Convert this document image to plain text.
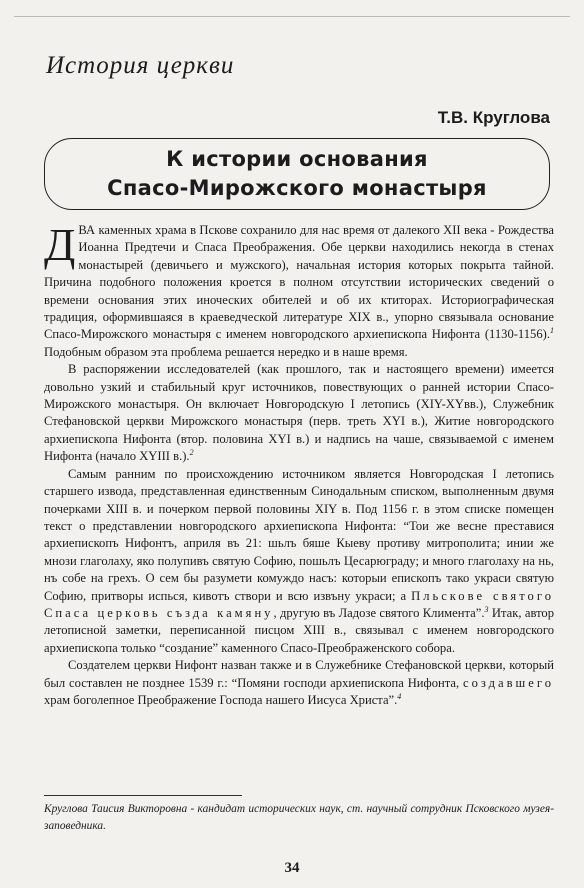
История церкви
Т.В. Круглова
К истории основания
Спасо-Мирожского монастыря

ДВА каменных храма в Пскове сохранило для нас время от далекого XII века - Рождества Иоанна Предтечи и Спаса Преображения. Обе церкви находились некогда в стенах монастырей (девичьего и мужского), начальная история которых покрыта тайной. Причина подобного положения кроется в полном отсутствии исторических сведений о времени основания этих иноческих обителей и об их ктиторах. Историографическая традиция, оформившаяся в краеведческой литературе XIX в., упорно связывала основание Спасо-Мирожского монастыря с именем новгородского архиепископа Нифонта (1130-1156).$^1$ Подобным образом эта проблема решается нередко и в наше время.

В распоряжении исследователей (как прошлого, так и настоящего времени) имеется довольно узкий и стабильный круг источников, повествующих о ранней истории Спасо-Мирожского монастыря. Он включает Новгородскую I летопись (XIY-XYвв.), Служебник Стефановской церкви Мирожского монастыря (перв. треть XYI в.), Житие новгородского архиепископа Нифонта (втор. половина XYI в.) и надпись на чаше, связываемой с именем Нифонта (начало XYIII в.).$^2$

Самым ранним по происхождению источником является Новгородская I летопись старшего извода, представленная единственным Синодальным списком, выполненным двумя почерками XIII в. и почерком первой половины XIY в. Под 1156 г. в этом списке помещен текст о представлении новгородского архиепископа Нифонта: “Тои же весне преставися архиепископъ Нифонтъ, априля въ 21: шьлъ бяше Кыеву противу митрополита; инии же мнози глаголаху, яко полупивъ святую Софию, пошьлъ Цесарюграду; и много глаголаху на нь, нъ собе на грехъ. О сем бы разумети комуждо насъ: которыи епископъ тако украси святую Софию, притворы испься, кивотъ створи и всю извъну украси; а Пльскове святого Спаса церковь създа камяну, другую въ Ладозе святого Климента”.$^3$ Итак, автор летописной заметки, переписанной писцом XIII в., связывал с именем новгородского архиепископа только “создание” каменного Спасо-Преображенского собора.

Создателем церкви Нифонт назван также и в Служебнике Стефановской церкви, который был составлен не позднее 1539 г.: “Помяни господи архиепископа Нифонта, создавшего храм боголепное Преображение Господа нашего Иисуса Христа”.$^4$

Круглова Таисия Викторовна - кандидат исторических наук, ст. научный сотрудник Псковского музея-заповедника.
34
